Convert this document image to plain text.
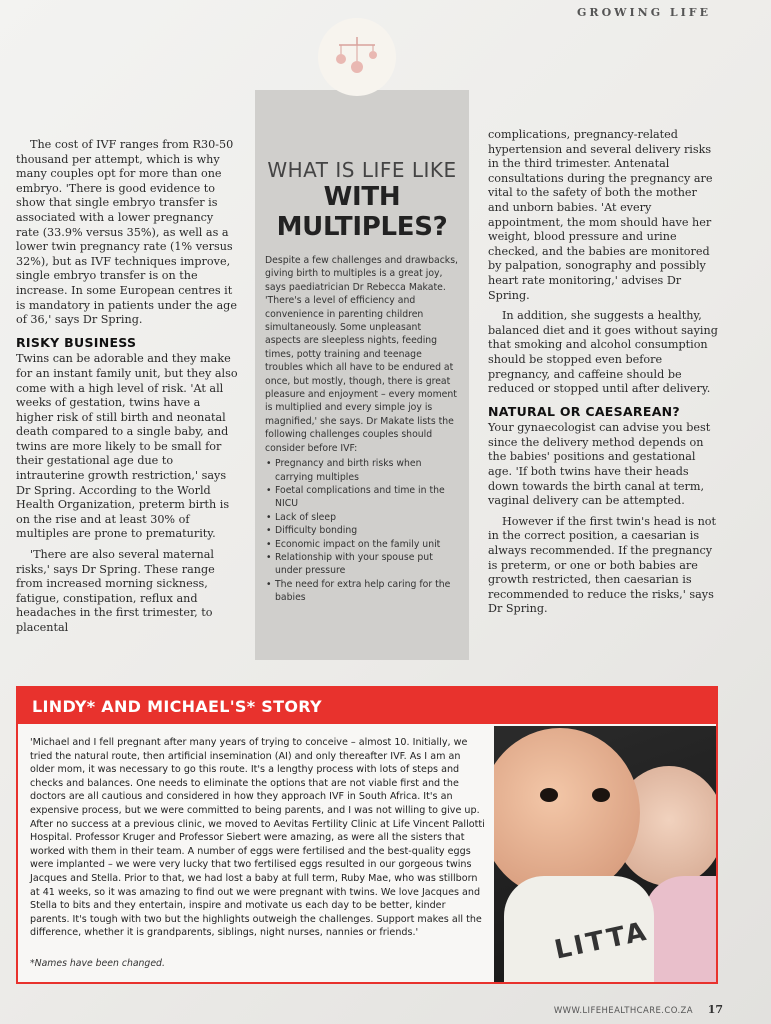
GROWING LIFE

The cost of IVF ranges from R30-50 thousand per attempt, which is why many couples opt for more than one embryo. 'There is good evidence to show that single embryo transfer is associated with a lower pregnancy rate (33.9% versus 35%), as well as a lower twin pregnancy rate (1% versus 32%), but as IVF techniques improve, single embryo transfer is on the increase. In some European centres it is mandatory in patients under the age of 36,' says Dr Spring.

RISKY BUSINESS

Twins can be adorable and they make for an instant family unit, but they also come with a high level of risk. 'At all weeks of gestation, twins have a higher risk of still birth and neonatal death compared to a single baby, and twins are more likely to be small for their gestational age due to intrauterine growth restriction,' says Dr Spring. According to the World Health Organization, preterm birth is on the rise and at least 30% of multiples are prone to prematurity.

'There are also several maternal risks,' says Dr Spring. These range from increased morning sickness, fatigue, constipation, reflux and headaches in the first trimester, to placental

WHAT IS LIFE LIKE
WITH MULTIPLES?
Despite a few challenges and drawbacks, giving birth to multiples is a great joy, says paediatrician Dr Rebecca Makate. 'There's a level of efficiency and convenience in parenting children simultaneously. Some unpleasant aspects are sleepless nights, feeding times, potty training and teenage troubles which all have to be endured at once, but mostly, though, there is great pleasure and enjoyment – every moment is multiplied and every simple joy is magnified,' she says. Dr Makate lists the following challenges couples should consider before IVF:
• Pregnancy and birth risks when carrying multiples
• Foetal complications and time in the NICU
• Lack of sleep
• Difficulty bonding
• Economic impact on the family unit
• Relationship with your spouse put under pressure
• The need for extra help caring for the babies

complications, pregnancy-related hypertension and several delivery risks in the third trimester. Antenatal consultations during the pregnancy are vital to the safety of both the mother and unborn babies. 'At every appointment, the mom should have her weight, blood pressure and urine checked, and the babies are monitored by palpation, sonography and possibly heart rate monitoring,' advises Dr Spring.

In addition, she suggests a healthy, balanced diet and it goes without saying that smoking and alcohol consumption should be stopped even before pregnancy, and caffeine should be reduced or stopped until after delivery.

NATURAL OR CAESAREAN?

Your gynaecologist can advise you best since the delivery method depends on the babies' positions and gestational age. 'If both twins have their heads down towards the birth canal at term, vaginal delivery can be attempted.

However if the first twin's head is not in the correct position, a caesarian is always recommended. If the pregnancy is preterm, or one or both babies are growth restricted, then caesarian is recommended to reduce the risks,' says Dr Spring.

LINDY* AND MICHAEL'S* STORY
'Michael and I fell pregnant after many years of trying to conceive – almost 10. Initially, we tried the natural route, then artificial insemination (AI) and only thereafter IVF. As I am an older mom, it was necessary to go this route. It's a lengthy process with lots of steps and checks and balances. One needs to eliminate the options that are not viable first and the doctors are all cautious and considered in how they approach IVF in South Africa. It's an expensive process, but we were committed to being parents, and I was not willing to give up. After no success at a previous clinic, we moved to Aevitas Fertility Clinic at Life Vincent Pallotti Hospital. Professor Kruger and Professor Siebert were amazing, as were all the sisters that worked with them in their team. A number of eggs were fertilised and the best-quality eggs were implanted – we were very lucky that two fertilised eggs resulted in our gorgeous twins Jacques and Stella. Prior to that, we had lost a baby at full term, Ruby Mae, who was stillborn at 41 weeks, so it was amazing to find out we were pregnant with twins. We love Jacques and Stella to bits and they entertain, inspire and motivate us each day to be better, kinder parents. It's tough with two but the highlights outweigh the challenges. Support makes all the difference, whether it is grandparents, siblings, night nurses, nannies or friends.'
*Names have been changed.	LITTA
WWW.LIFEHEALTHCARE.CO.ZA 17
